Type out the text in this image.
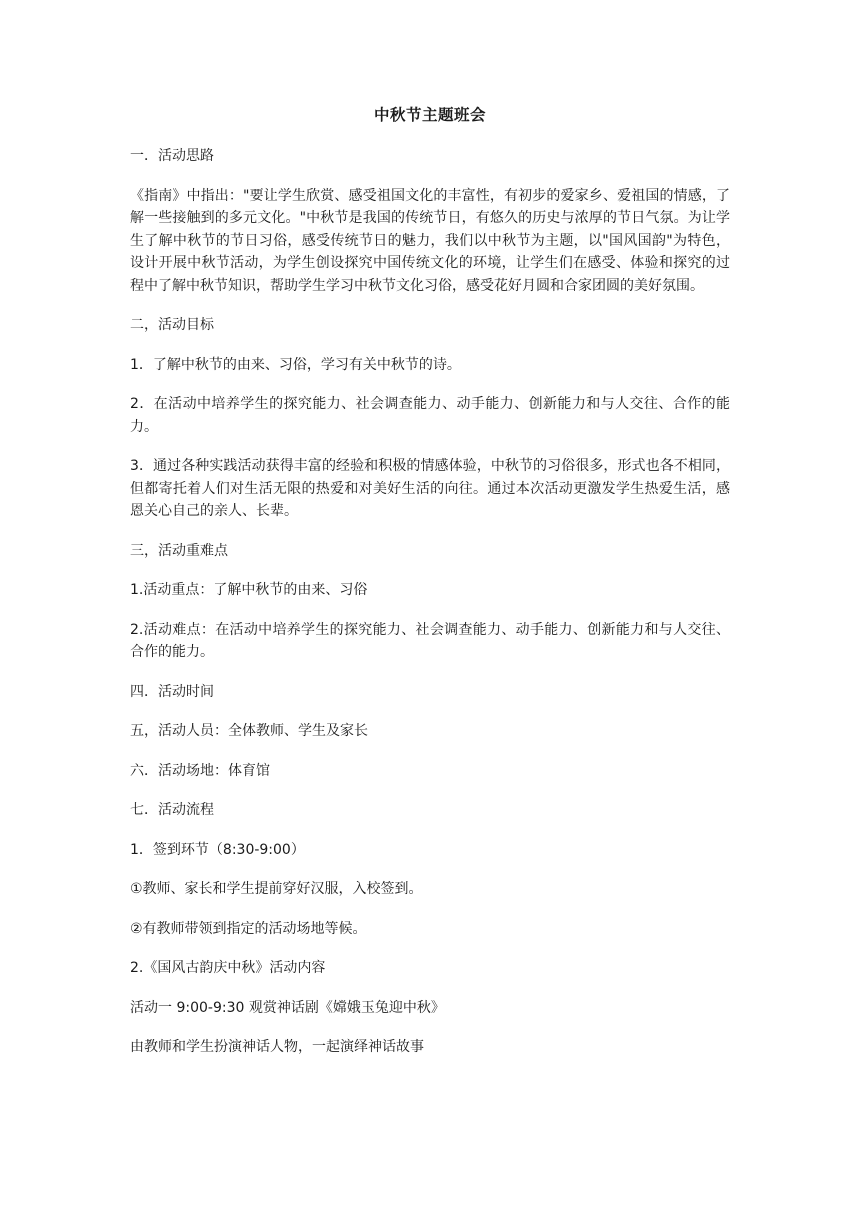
中秋节主题班会

一．活动思路

《指南》中指出："要让学生欣赏、感受祖国文化的丰富性，有初步的爱家乡、爱祖国的情感，了解一些接触到的多元文化。"中秋节是我国的传统节日，有悠久的历史与浓厚的节日气氛。为让学生了解中秋节的节日习俗，感受传统节日的魅力，我们以中秋节为主题，以"国风国韵"为特色，设计开展中秋节活动，为学生创设探究中国传统文化的环境，让学生们在感受、体验和探究的过程中了解中秋节知识，帮助学生学习中秋节文化习俗，感受花好月圆和合家团圆的美好氛围。

二，活动目标

1．了解中秋节的由来、习俗，学习有关中秋节的诗。

2．在活动中培养学生的探究能力、社会调查能力、动手能力、创新能力和与人交往、合作的能力。

3．通过各种实践活动获得丰富的经验和积极的情感体验，中秋节的习俗很多，形式也各不相同，但都寄托着人们对生活无限的热爱和对美好生活的向往。通过本次活动更激发学生热爱生活，感恩关心自己的亲人、长辈。

三，活动重难点

1.活动重点：了解中秋节的由来、习俗

2.活动难点：在活动中培养学生的探究能力、社会调查能力、动手能力、创新能力和与人交往、合作的能力。

四．活动时间

五，活动人员：全体教师、学生及家长

六．活动场地：体育馆

七．活动流程

1．签到环节（8:30-9:00）

①教师、家长和学生提前穿好汉服，入校签到。

②有教师带领到指定的活动场地等候。

2.《国风古韵庆中秋》活动内容

活动一 9:00-9:30 观赏神话剧《嫦娥玉兔迎中秋》

由教师和学生扮演神话人物，一起演绎神话故事
